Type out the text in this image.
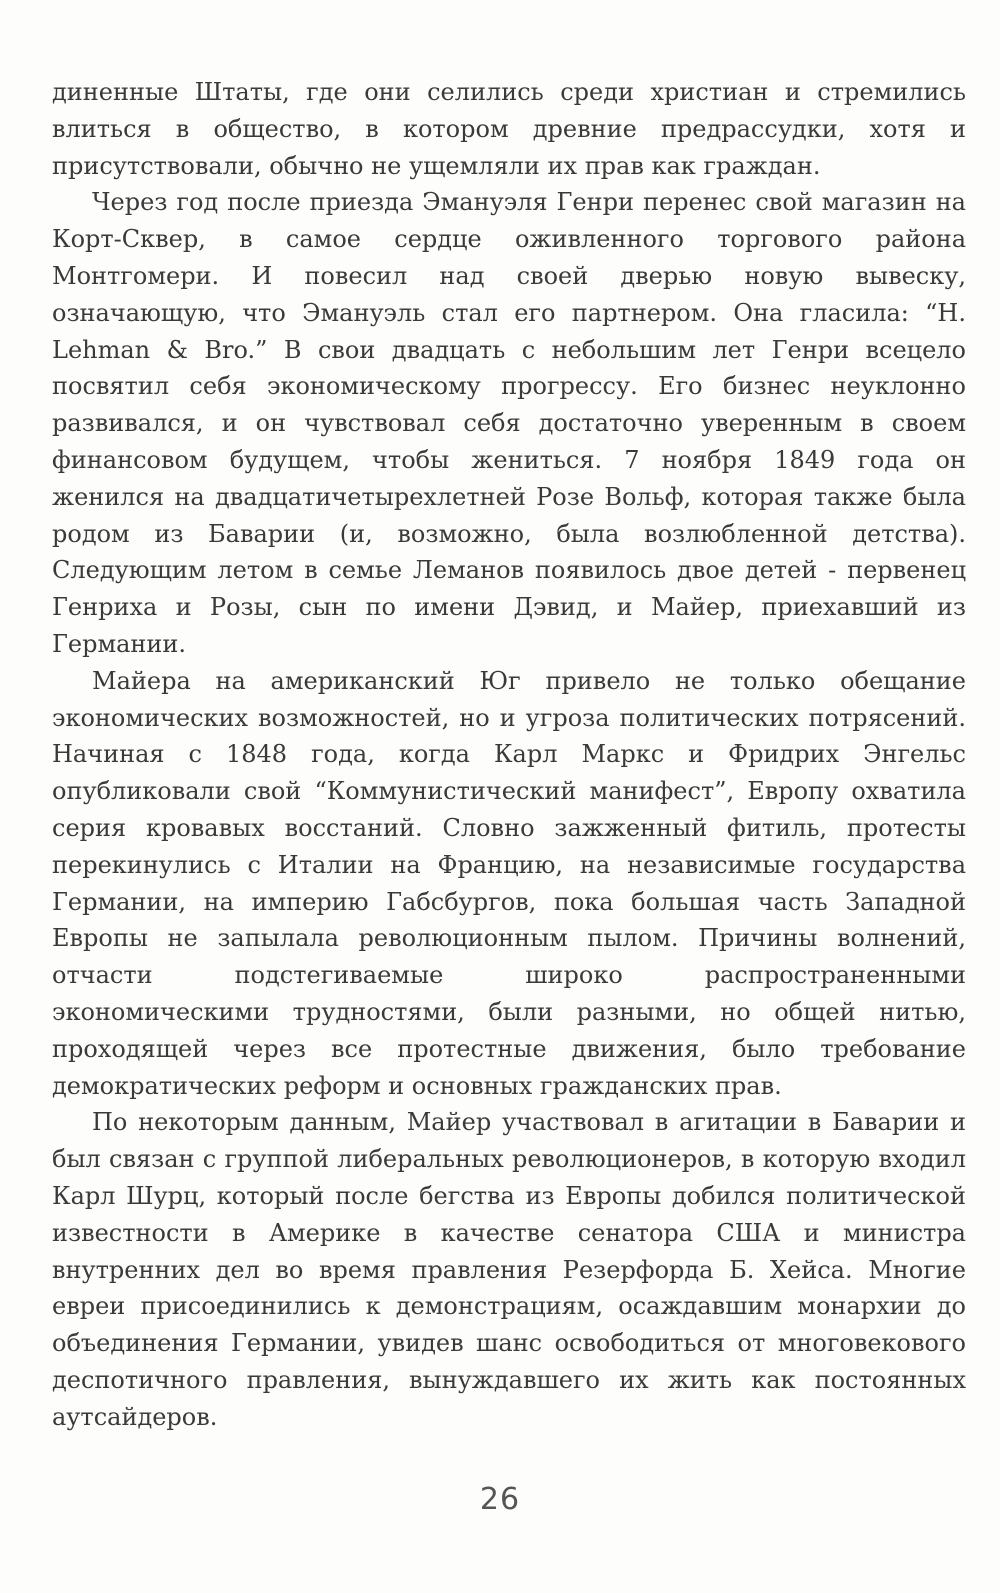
диненные Штаты, где они селились среди христиан и стремились влиться в общество, в котором древние предрассудки, хотя и присутствовали, обычно не ущемляли их прав как граждан.

Через год после приезда Эмануэля Генри перенес свой магазин на Корт-Сквер, в самое сердце оживленного торгового района Монтгомери. И повесил над своей дверью новую вывеску, означающую, что Эмануэль стал его партнером. Она гласила: “H. Lehman & Bro.” В свои двадцать с небольшим лет Генри всецело посвятил себя экономическому прогрессу. Его бизнес неуклонно развивался, и он чувствовал себя достаточно уверенным в своем финансовом будущем, чтобы жениться. 7 ноября 1849 года он женился на двадцатичетырехлетней Розе Вольф, которая также была родом из Баварии (и, возможно, была возлюбленной детства). Следующим летом в семье Леманов появилось двое детей - первенец Генриха и Розы, сын по имени Дэвид, и Майер, приехавший из Германии.

Майера на американский Юг привело не только обещание экономических возможностей, но и угроза политических потрясений. Начиная с 1848 года, когда Карл Маркс и Фридрих Энгельс опубликовали свой “Коммунистический манифест”, Европу охватила серия кровавых восстаний. Словно зажженный фитиль, протесты перекинулись с Италии на Францию, на независимые государства Германии, на империю Габсбургов, пока большая часть Западной Европы не запылала революционным пылом. Причины волнений, отчасти подстегиваемые широко распространенными экономическими трудностями, были разными, но общей нитью, проходящей через все протестные движения, было требование демократических реформ и основных гражданских прав.

По некоторым данным, Майер участвовал в агитации в Баварии и был связан с группой либеральных революционеров, в которую входил Карл Шурц, который после бегства из Европы добился политической известности в Америке в качестве сенатора США и министра внутренних дел во время правления Резерфорда Б. Хейса. Многие евреи присоединились к демонстрациям, осаждавшим монархии до объединения Германии, увидев шанс освободиться от многовекового деспотичного правления, вынуждавшего их жить как постоянных аутсайдеров.

26
